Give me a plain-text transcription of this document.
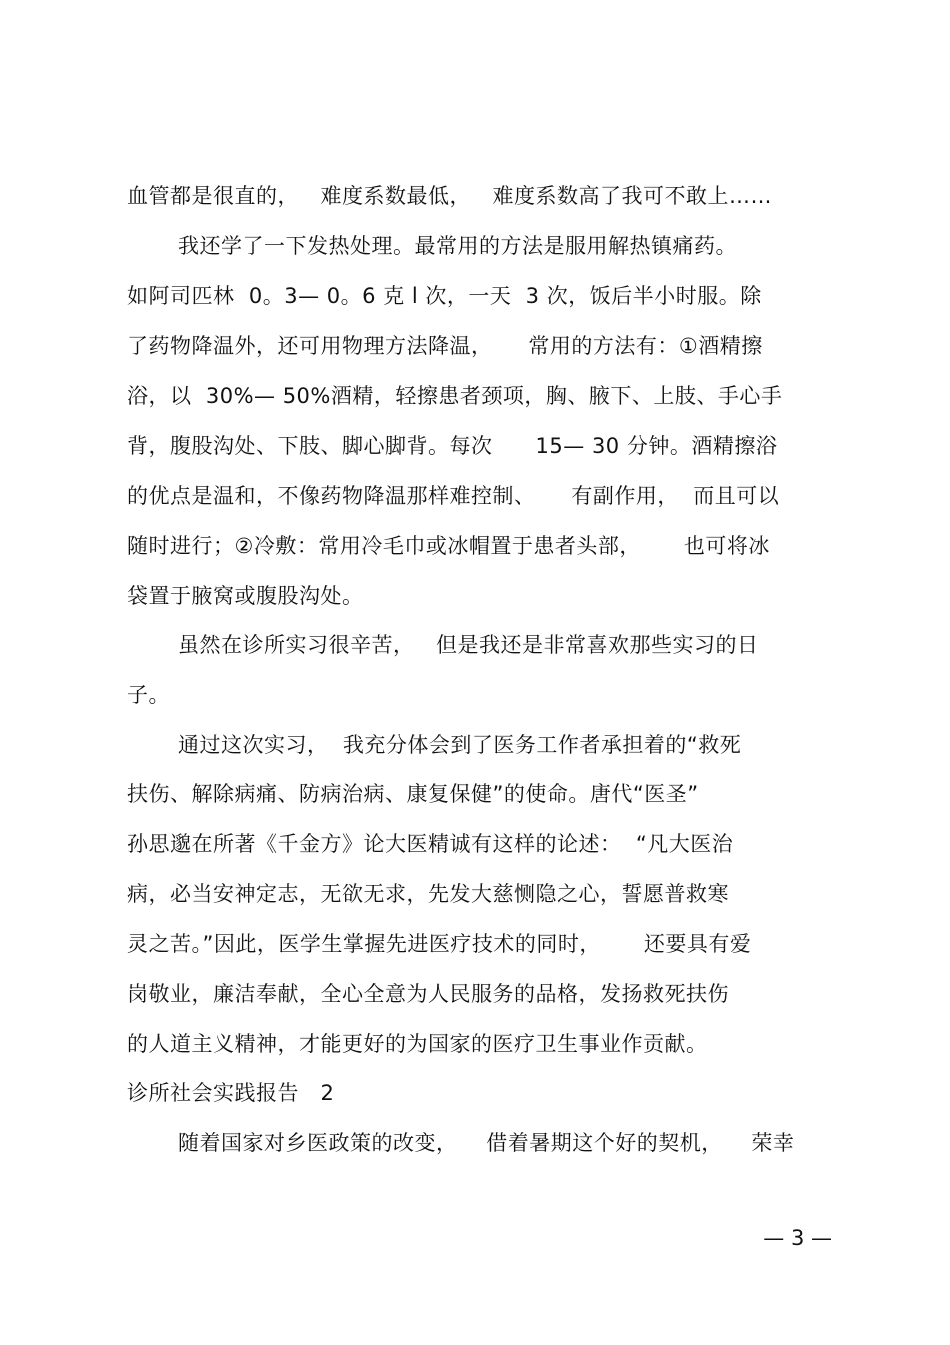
血管都是很直的，   难度系数最低，   难度系数高了我可不敢上……
我还学了一下发热处理。最常用的方法是服用解热镇痛药。
如阿司匹林  0。3— 0。6 克 l 次，一天  3 次，饭后半小时服。除
了药物降温外，还可用物理方法降温，     常用的方法有：①酒精擦
浴，以  30%— 50%酒精，轻擦患者颈项，胸、腋下、上肢、手心手
背，腹股沟处、下肢、脚心脚背。每次      15— 30 分钟。酒精擦浴
的优点是温和，不像药物降温那样难控制、     有副作用，  而且可以
随时进行；②冷敷：常用冷毛巾或冰帽置于患者头部，      也可将冰
袋置于腋窝或腹股沟处。
虽然在诊所实习很辛苦，   但是我还是非常喜欢那些实习的日
子。
通过这次实习，  我充分体会到了医务工作者承担着的“救死
扶伤、解除病痛、防病治病、康复保健”的使命。唐代“医圣”
孙思邈在所著《千金方》论大医精诚有这样的论述：  “凡大医治
病，必当安神定志，无欲无求，先发大慈恻隐之心，誓愿普救寒
灵之苦。”因此，医学生掌握先进医疗技术的同时，      还要具有爱
岗敬业，廉洁奉献，全心全意为人民服务的品格，发扬救死扶伤
的人道主义精神，才能更好的为国家的医疗卫生事业作贡献。
诊所社会实践报告   2
随着国家对乡医政策的改变，    借着暑期这个好的契机，    荣幸
— 3 —
